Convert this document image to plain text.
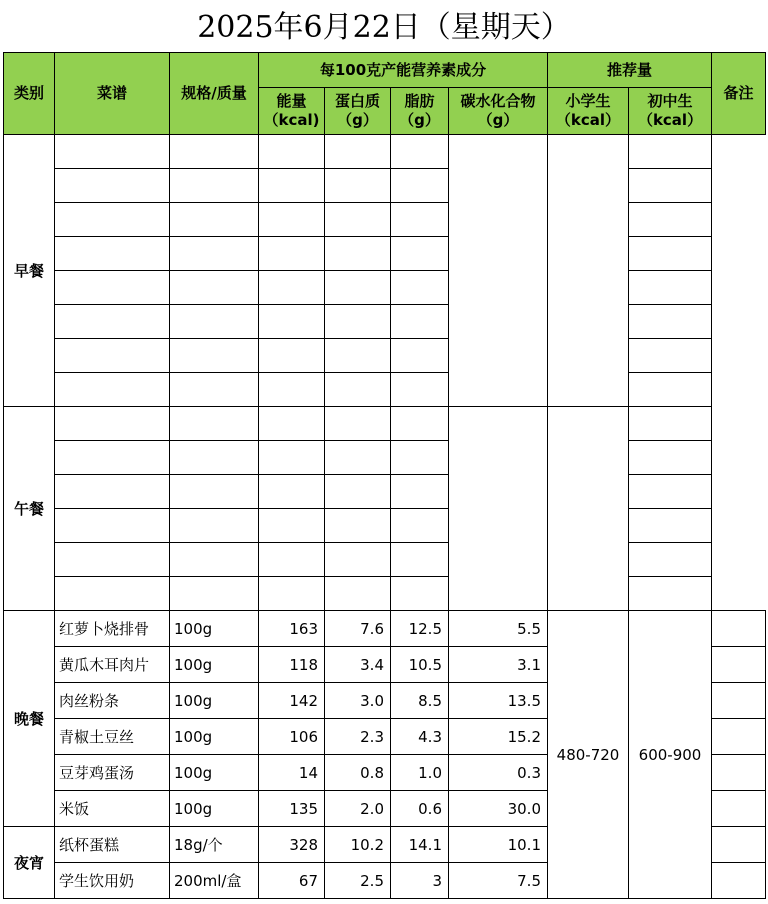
2025年6月22日（星期天）
类别	菜谱	规格/质量	每100克产能营养素成分				推荐量		备注
			能量（kcal)	蛋白质（g）	脂肪（g）	碳水化合物（g）	小学生（kcal）	初中生（kcal）	
早餐									

午餐									

晚餐	红萝卜烧排骨	100g	163	7.6	12.5	5.5	480-720	600-900	
	黄瓜木耳肉片	100g	118	3.4	10.5	3.1			
	肉丝粉条	100g	142	3.0	8.5	13.5			
	青椒土豆丝	100g	106	2.3	4.3	15.2			
	豆芽鸡蛋汤	100g	14	0.8	1.0	0.3			
	米饭	100g	135	2.0	0.6	30.0			
夜宵	纸杯蛋糕	18g/个	328	10.2	14.1	10.1			
	学生饮用奶	200ml/盒	67	2.5	3	7.5			
